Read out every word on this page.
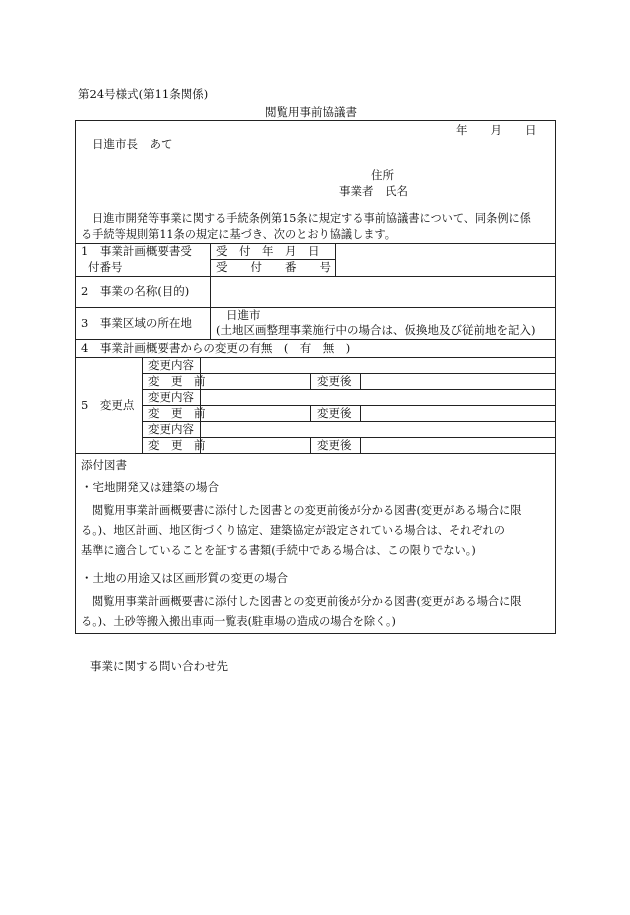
第24号様式(第11条関係)
閲覧用事前協議書
年　　月　　日
日進市長　あて
住所
事業者　氏名
日進市開発等事業に関する手続条例第15条に規定する事前協議書について、同条例に係
る手続等規則第11条の規定に基づき、次のとおり協議します。
1　事業計画概要書受
付番号
受　付　年　月　日
受　　付　　番　　号
2　事業の名称(目的)
3　事業区域の所在地
日進市
(土地区画整理事業施行中の場合は、仮換地及び従前地を記入)
4　事業計画概要書からの変更の有無　(　有　無　)
5　変更点
変更内容
変　更　前	変更後
変更内容
変　更　前	変更後
変更内容
変　更　前	変更後
添付図書
・宅地開発又は建築の場合
閲覧用事業計画概要書に添付した図書との変更前後が分かる図書(変更がある場合に限
る。)、地区計画、地区街づくり協定、建築協定が設定されている場合は、それぞれの
基準に適合していることを証する書類(手続中である場合は、この限りでない。)
・土地の用途又は区画形質の変更の場合
閲覧用事業計画概要書に添付した図書との変更前後が分かる図書(変更がある場合に限
る。)、土砂等搬入搬出車両一覧表(駐車場の造成の場合を除く。)
事業に関する問い合わせ先
